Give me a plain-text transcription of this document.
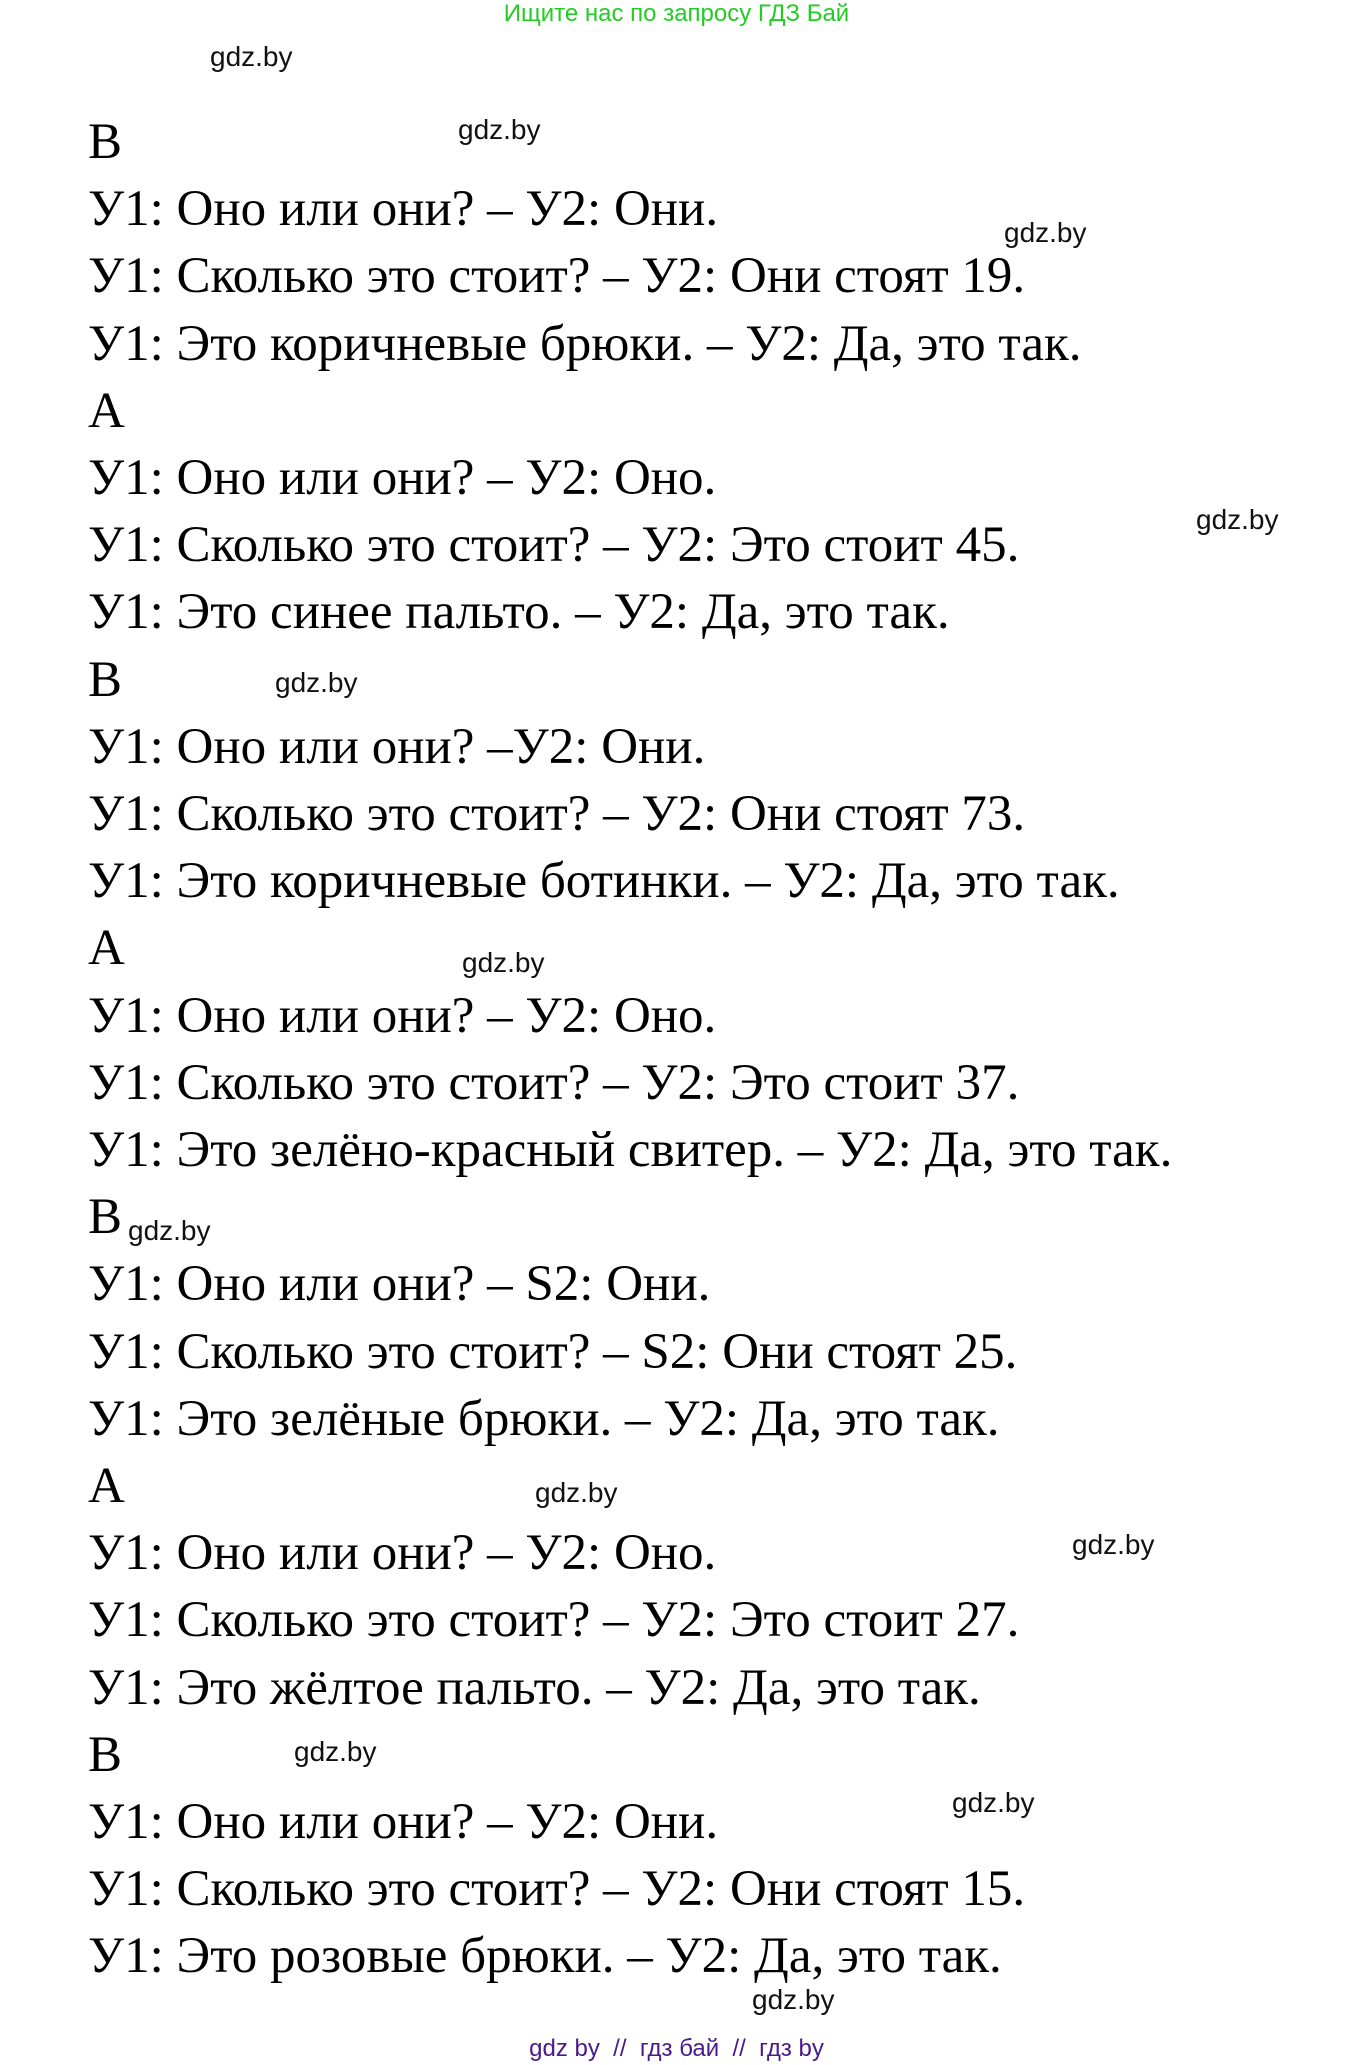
Ищите нас по запросу ГДЗ Бай
gdz.by
gdz.by
gdz.by
gdz.by
gdz.by
gdz.by
gdz.by
gdz.by
gdz.by
gdz.by
gdz.by
gdz.by
В
У1: Оно или они? – У2: Они.
У1: Сколько это стоит? – У2: Они стоят 19.
У1: Это коричневые брюки. – У2: Да, это так.
А
У1: Оно или они? – У2: Оно.
У1: Сколько это стоит? – У2: Это стоит 45.
У1: Это синее пальто. – У2: Да, это так.
В
У1: Оно или они? –У2: Они.
У1: Сколько это стоит? – У2: Они стоят 73.
У1: Это коричневые ботинки. – У2: Да, это так.
А
У1: Оно или они? – У2: Оно.
У1: Сколько это стоит? – У2: Это стоит 37.
У1: Это зелёно-красный свитер. – У2: Да, это так.
В
У1: Оно или они? – S2: Они.
У1: Сколько это стоит? – S2: Они стоят 25.
У1: Это зелёные брюки. – У2: Да, это так.
А
У1: Оно или они? – У2: Оно.
У1: Сколько это стоит? – У2: Это стоит 27.
У1: Это жёлтое пальто. – У2: Да, это так.
В
У1: Оно или они? – У2: Они.
У1: Сколько это стоит? – У2: Они стоят 15.
У1: Это розовые брюки. – У2: Да, это так.
gdz by  //  гдз бай  //  гдз by
